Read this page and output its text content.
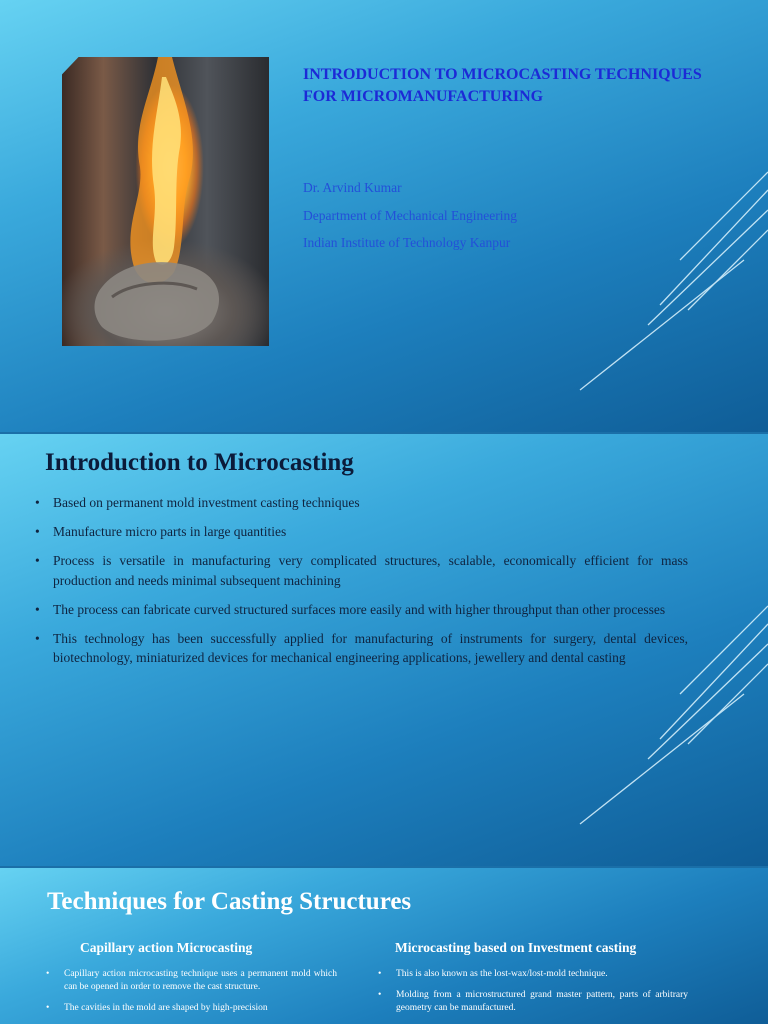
INTRODUCTION TO MICROCASTING TECHNIQUES FOR MICROMANUFACTURING
Dr. Arvind Kumar
Department of Mechanical Engineering
Indian Institute of Technology Kanpur
Introduction to Microcasting
• Based on permanent mold investment casting techniques
• Manufacture micro parts in large quantities
• Process is versatile in manufacturing very complicated structures, scalable, economically efficient for mass production and needs minimal subsequent machining
• The process can fabricate curved structured surfaces more easily and with higher throughput than other processes
• This technology has been successfully applied for manufacturing of instruments for surgery, dental devices, biotechnology, miniaturized devices for mechanical engineering applications, jewellery and dental casting
Techniques for Casting Structures
Capillary action Microcasting
• Capillary action microcasting technique uses a permanent mold which can be opened in order to remove the cast structure.
• The cavities in the mold are shaped by high-precision
Microcasting based on Investment casting
• This is also known as the lost-wax/lost-mold technique.
• Molding from a microstructured grand master pattern, parts of arbitrary geometry can be manufactured.
